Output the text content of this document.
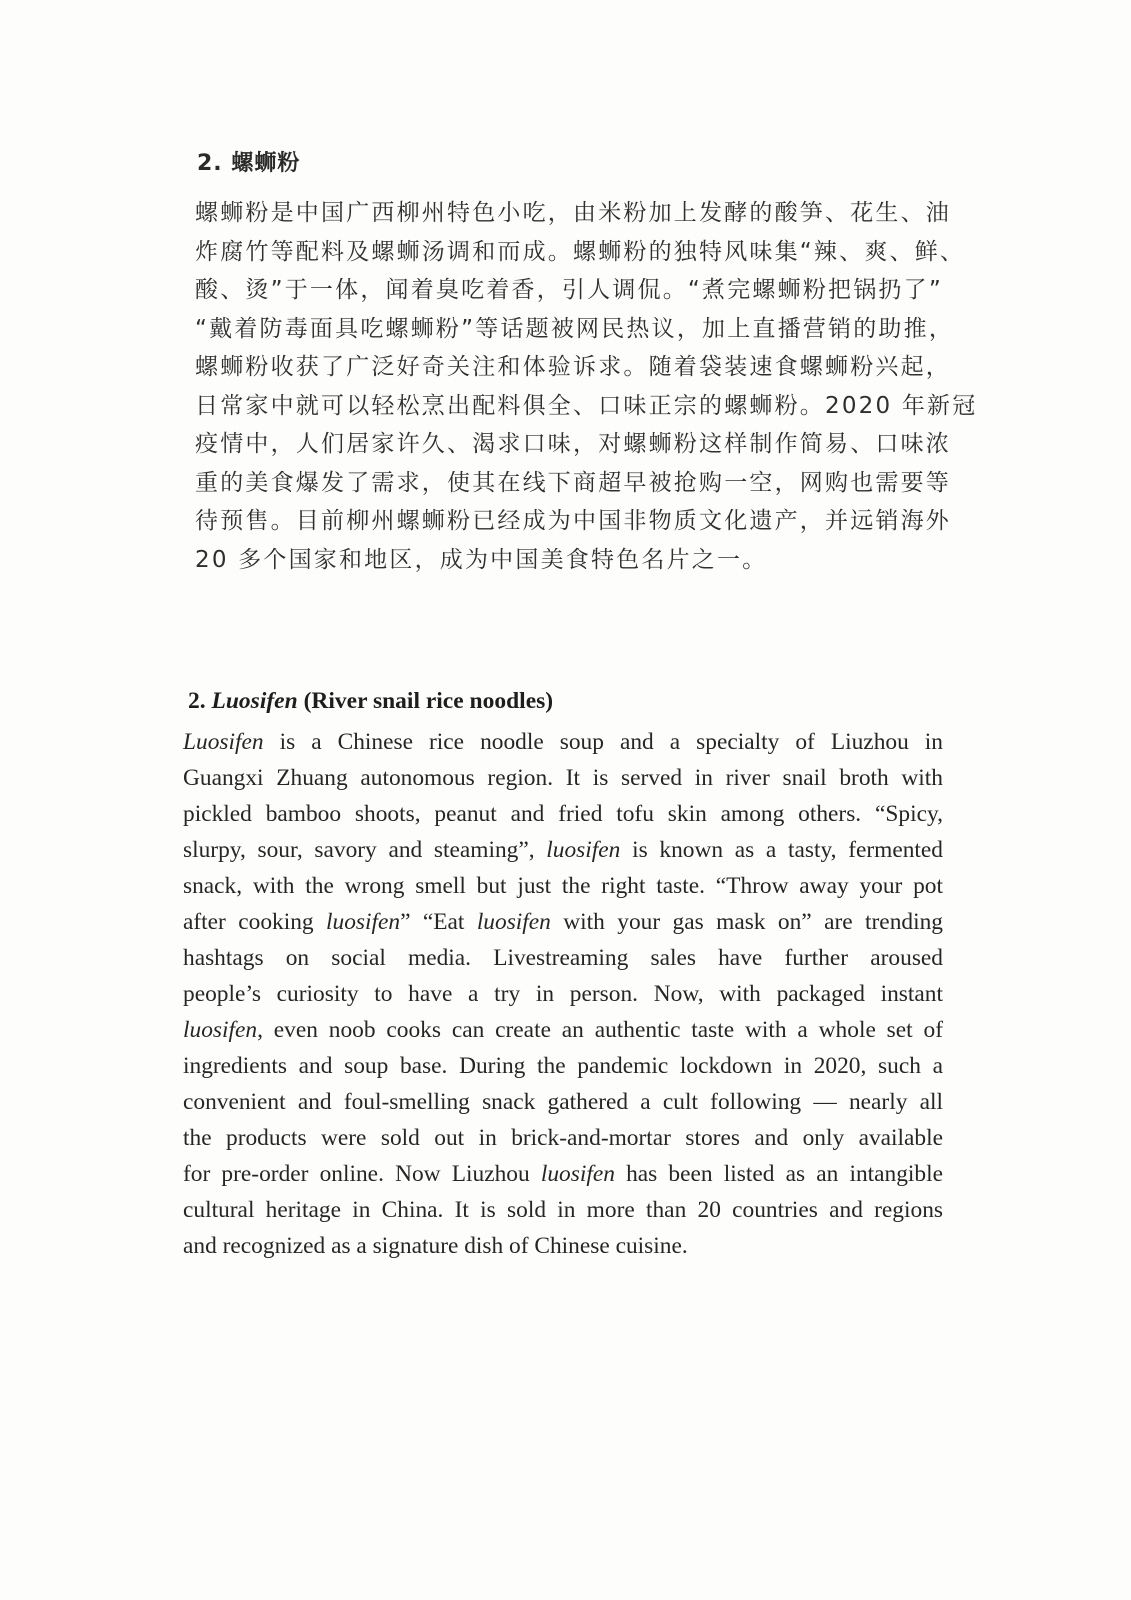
2. 螺蛳粉

螺蛳粉是中国广西柳州特色小吃，由米粉加上发酵的酸笋、花生、油

炸腐竹等配料及螺蛳汤调和而成。螺蛳粉的独特风味集“辣、爽、鲜、

酸、烫”于一体，闻着臭吃着香，引人调侃。“煮完螺蛳粉把锅扔了”

“戴着防毒面具吃螺蛳粉”等话题被网民热议，加上直播营销的助推，

螺蛳粉收获了广泛好奇关注和体验诉求。随着袋装速食螺蛳粉兴起，

日常家中就可以轻松烹出配料俱全、口味正宗的螺蛳粉。2020 年新冠

疫情中，人们居家许久、渴求口味，对螺蛳粉这样制作简易、口味浓

重的美食爆发了需求，使其在线下商超早被抢购一空，网购也需要等

待预售。目前柳州螺蛳粉已经成为中国非物质文化遗产，并远销海外

20 多个国家和地区，成为中国美食特色名片之一。

2. Luosifen (River snail rice noodles)
Luosifen is a Chinese rice noodle soup and a specialty of Liuzhou in
Guangxi Zhuang autonomous region. It is served in river snail broth with
pickled bamboo shoots, peanut and fried tofu skin among others. “Spicy,
slurpy, sour, savory and steaming”, luosifen is known as a tasty, fermented
snack, with the wrong smell but just the right taste. “Throw away your pot
after cooking luosifen” “Eat luosifen with your gas mask on” are trending
hashtags on social media. Livestreaming sales have further aroused
people’s curiosity to have a try in person. Now, with packaged instant
luosifen, even noob cooks can create an authentic taste with a whole set of
ingredients and soup base. During the pandemic lockdown in 2020, such a
convenient and foul-smelling snack gathered a cult following — nearly all
the products were sold out in brick-and-mortar stores and only available
for pre-order online. Now Liuzhou luosifen has been listed as an intangible
cultural heritage in China. It is sold in more than 20 countries and regions
and recognized as a signature dish of Chinese cuisine.
